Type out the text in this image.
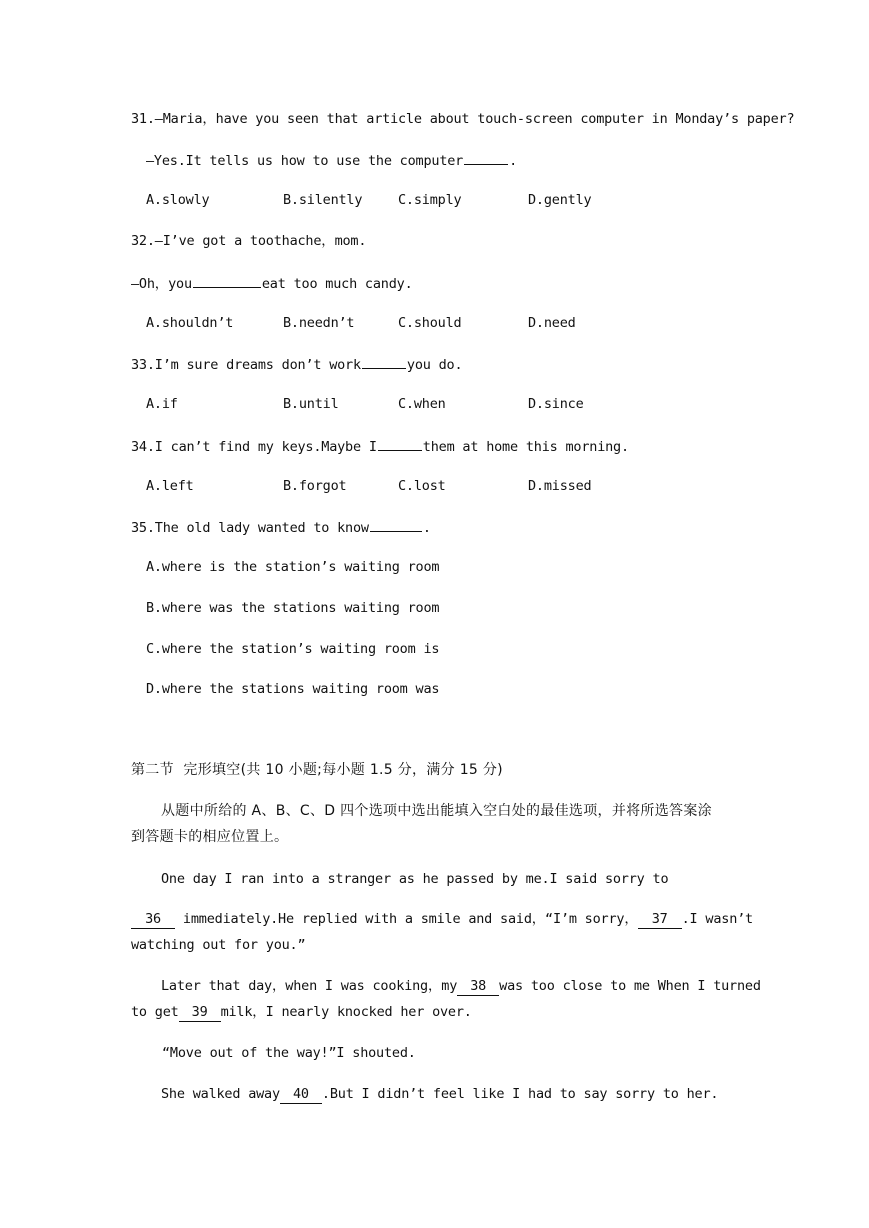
31.—Maria，have you seen that article about touch-screen computer in Monday’s paper?
—Yes.It tells us how to use the computer	.
A.slowly	B.silently	C.simply	D.gently
32.—I’ve got a toothache，mom.
—Oh，you	eat too much candy.
A.shouldn’t	B.needn’t	C.should	D.need
33.I’m sure dreams don’t work	you do.
A.if	B.until	C.when	D.since
34.I can’t find my keys.Maybe I	them at home this morning.
A.left	B.forgot	C.lost	D.missed
35.The old lady wanted to know	.
A.where is the station’s waiting room
B.where was the stations waiting room
C.where the station’s waiting room is
D.where the stations waiting room was
第二节  完形填空(共 10 小题;每小题 1.5 分，满分 15 分)
从题中所给的 A、B、C、D 四个选项中选出能填入空白处的最佳选项，并将所选答案涂
到答题卡的相应位置上。
One day I ran into a stranger as he passed by me.I said sorry to
36 immediately.He replied with a smile and said，“I’m sorry， 37 .I wasn’t
watching out for you.”
Later that day，when I was cooking，my 38 was too close to me When I turned
to get 39 milk，I nearly knocked her over.
“Move out of the way!”I shouted.
She walked away 40 .But I didn’t feel like I had to say sorry to her.
